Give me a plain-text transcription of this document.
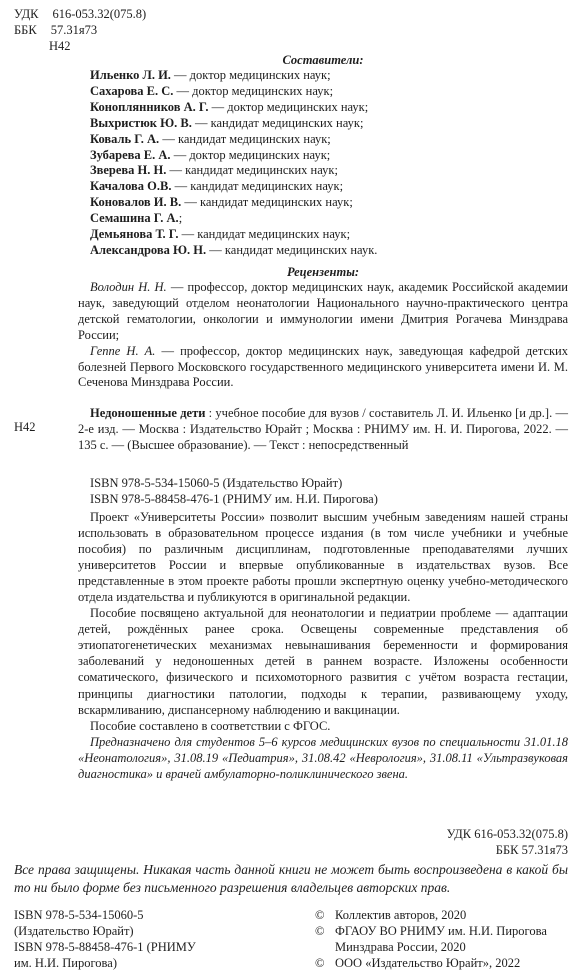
УДК 616-053.32(075.8)
ББК 57.31я73
Н42
Составители:
Ильенко Л. И. — доктор медицинских наук;
Сахарова Е. С. — доктор медицинских наук;
Коноплянников А. Г. — доктор медицинских наук;
Выхристюк Ю. В. — кандидат медицинских наук;
Коваль Г. А. — кандидат медицинских наук;
Зубарева Е. А. — доктор медицинских наук;
Зверева Н. Н. — кандидат медицинских наук;
Качалова О.В. — кандидат медицинских наук;
Коновалов И. В. — кандидат медицинских наук;
Семашина Г. А.;
Демьянова Т. Г. — кандидат медицинских наук;
Александрова Ю. Н. — кандидат медицинских наук.
Рецензенты:

Володин Н. Н. — профессор, доктор медицинских наук, академик Российской академии наук, заведующий отделом неонатологии Национального научно-практического центра детской гематологии, онкологии и иммунологии имени Дмитрия Рогачева Минздрава России;

Геппе Н. А. — профессор, доктор медицинских наук, заведующая кафедрой детских болезней Первого Московского государственного медицинского университета имени И. М. Сеченова Минздрава России.

Н42

Недоношенные дети : учебное пособие для вузов / составитель Л. И. Ильенко [и др.]. — 2-е изд. — Москва : Издательство Юрайт ; Москва : РНИМУ им. Н. И. Пирогова, 2022. — 135 с. — (Высшее образование). — Текст : непосредственный

ISBN 978-5-534-15060-5 (Издательство Юрайт)
ISBN 978-5-88458-476-1 (РНИМУ им. Н.И. Пирогова)

Проект «Университеты России» позволит высшим учебным заведениям нашей страны использовать в образовательном процессе издания (в том числе учебники и учебные пособия) по различным дисциплинам, подготовленные преподавателями лучших университетов России и впервые опубликованные в издательствах вузов. Все представленные в этом проекте работы прошли экспертную оценку учебно-методического отдела издательства и публикуются в оригинальной редакции.

Пособие посвящено актуальной для неонатологии и педиатрии проблеме — адаптации детей, рождённых ранее срока. Освещены современные представления об этиопатогенетических механизмах невынашивания беременности и формирования заболеваний у недоношенных детей в раннем возрасте. Изложены особенности соматического, физического и психомоторного развития с учётом возраста гестации, принципы диагностики патологии, подходы к терапии, развивающему уходу, вскармливанию, диспансерному наблюдению и вакцинации.

Пособие составлено в соответствии с ФГОС.

Предназначено для студентов 5–6 курсов медицинских вузов по специальности 31.01.18 «Неонатология», 31.08.19 «Педиатрия», 31.08.42 «Неврология», 31.08.11 «Ультразвуковая диагностика» и врачей амбулаторно-поликлинического звена.

УДК 616-053.32(075.8)
ББК 57.31я73
Все права защищены. Никакая часть данной книги не может быть воспроизведена в какой бы то ни было форме без письменного разрешения владельцев авторских прав.
ISBN 978-5-534-15060-5
(Издательство Юрайт)
ISBN 978-5-88458-476-1 (РНИМУ
им. Н.И. Пирогова)
© Коллектив авторов, 2020
© ФГАОУ ВО РНИМУ им. Н.И. Пирогова
Минздрава России, 2020
© ООО «Издательство Юрайт», 2022
